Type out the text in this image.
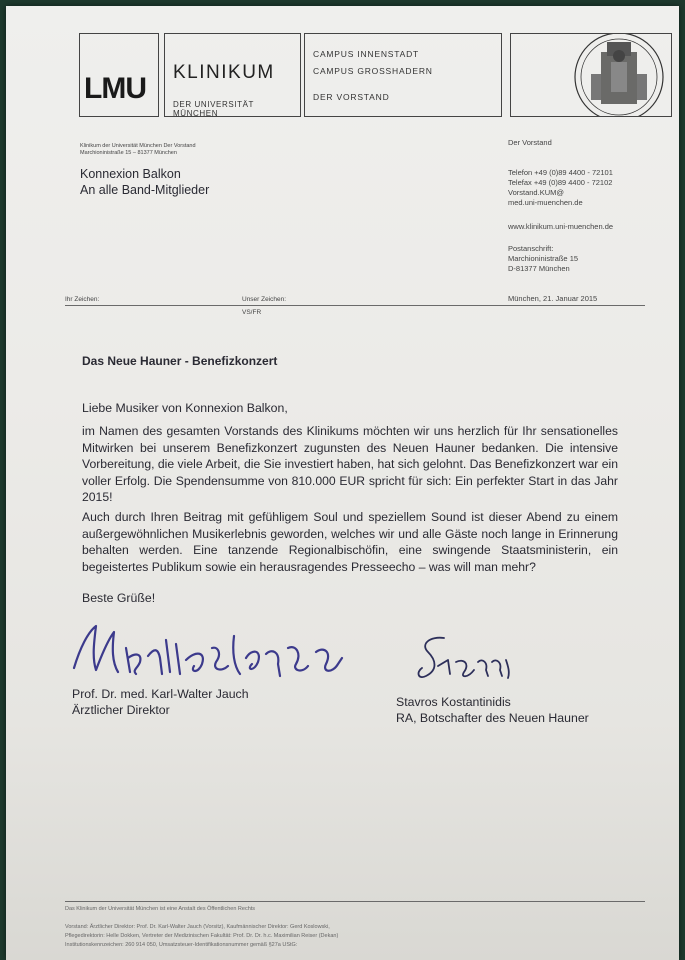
LMU KLINIKUM
DER UNIVERSITÄT MÜNCHEN
CAMPUS INNENSTADT
CAMPUS GROSSHADERN
DER VORSTAND
Klinikum der Universität München Der Vorstand
Marchioninistraße 15 – 81377 München
Konnexion Balkon
An alle Band-Mitglieder
Der Vorstand
Telefon +49 (0)89 4400 - 72101
Telefax +49 (0)89 4400 - 72102
Vorstand.KUM@
med.uni-muenchen.de
www.klinikum.uni-muenchen.de
Postanschrift:
Marchioninistraße 15
D-81377 München
Ihr Zeichen:	Unser Zeichen:	München, 21. Januar 2015
VS/FR
Das Neue Hauner - Benefizkonzert
Liebe Musiker von Konnexion Balkon,
im Namen des gesamten Vorstands des Klinikums möchten wir uns herzlich für Ihr sensationelles Mitwirken bei unserem Benefizkonzert zugunsten des Neuen Hauner bedanken. Die intensive Vorbereitung, die viele Arbeit, die Sie investiert haben, hat sich gelohnt. Das Benefizkonzert war ein voller Erfolg. Die Spendensumme von 810.000 EUR spricht für sich: Ein perfekter Start in das Jahr 2015!
Auch durch Ihren Beitrag mit gefühligem Soul und speziellem Sound ist dieser Abend zu einem außergewöhnlichen Musikerlebnis geworden, welches wir und alle Gäste noch lange in Erinnerung behalten werden. Eine tanzende Regionalbischöfin, eine swingende Staatsministerin, ein begeistertes Publikum sowie ein herausragendes Presseecho – was will man mehr?
Beste Grüße!
Prof. Dr. med. Karl-Walter Jauch
Ärztlicher Direktor
Stavros Kostantinidis
RA, Botschafter des Neuen Hauner
Das Klinikum der Universität München ist eine Anstalt des Öffentlichen Rechts
Vorstand: Ärztlicher Direktor: Prof. Dr. Karl-Walter Jauch (Vorsitz), Kaufmännischer Direktor: Gerd Koslowski,
Pflegedirektorin: Helle Dokken, Vertreter der Medizinischen Fakultät: Prof. Dr. Dr. h.c. Maximilian Reiser (Dekan)
Institutionskennzeichen: 260 914 050, Umsatzsteuer-Identifikationsnummer gemäß §27a UStG:
